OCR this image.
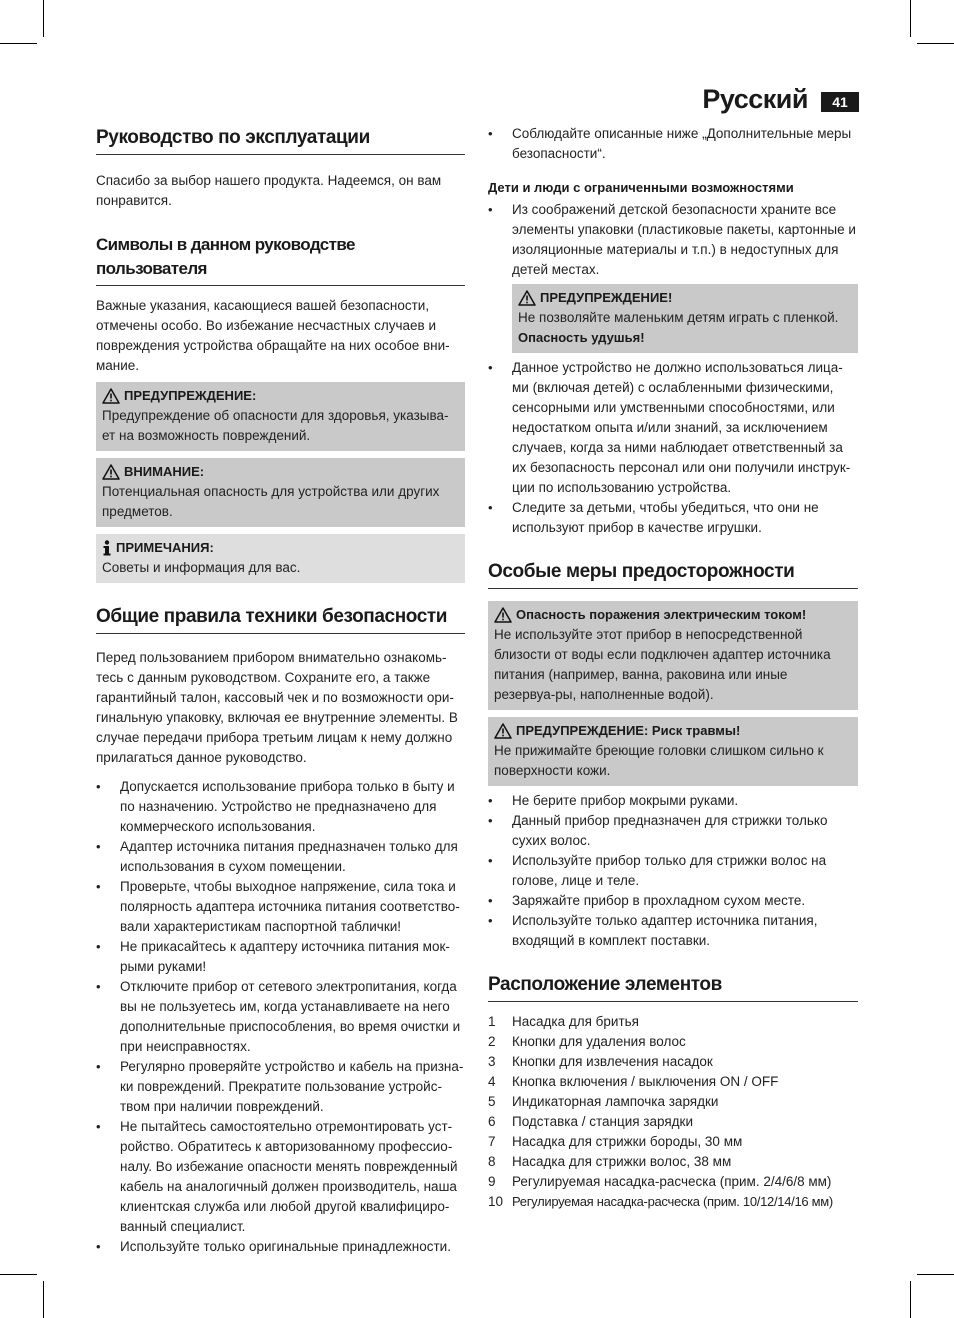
Русский	41
Руководство по эксплуатации

Спасибо за выбор нашего продукта. Надеемся, он вам понравится.

Символы в данном руководстве пользователя

Важные указания, касающиеся вашей безопасности, отмечены особо. Во избежание несчастных случаев и повреждения устройства обращайте на них особое вни-мание.

ПРЕДУПРЕЖДЕНИЕ:
Предупреждение об опасности для здоровья, указыва-ет на возможность повреждений.
ВНИМАНИЕ:
Потенциальная опасность для устройства или других предметов.
ПРИМЕЧАНИЯ:
Советы и информация для вас.
Общие правила техники безопасности

Перед пользованием прибором внимательно ознакомь-тесь с данным руководством. Сохраните его, а также гарантийный талон, кассовый чек и по возможности ори-гинальную упаковку, включая ее внутренние элементы. В случае передачи прибора третьим лицам к нему должно прилагаться данное руководство.

• Допускается использование прибора только в быту и по назначению. Устройство не предназначено для коммерческого использования.
• Адаптер источника питания предназначен только для использования в сухом помещении.
• Проверьте, чтобы выходное напряжение, сила тока и полярность адаптера источника питания соответство-вали характеристикам паспортной таблички!
• Не прикасайтесь к адаптеру источника питания мок-рыми руками!
• Отключите прибор от сетевого электропитания, когда вы не пользуетесь им, когда устанавливаете на него дополнительные приспособления, во время очистки и при неисправностях.
• Регулярно проверяйте устройство и кабель на призна-ки повреждений. Прекратите пользование устройс-твом при наличии повреждений.
• Не пытайтесь самостоятельно отремонтировать уст-ройство. Обратитесь к авторизованному профессио-налу. Во избежание опасности менять поврежденный кабель на аналогичный должен производитель, наша клиентская служба или любой другой квалифициро-ванный специалист.
• Используйте только оригинальные принадлежности.
• Соблюдайте описанные ниже „Дополнительные меры безопасности“.
Дети и люди с ограниченными возможностями
• Из соображений детской безопасности храните все элементы упаковки (пластиковые пакеты, картонные и изоляционные материалы и т.п.) в недоступных для детей местах.
ПРЕДУПРЕЖДЕНИЕ!
Не позволяйте маленьким детям играть с пленкой.
Опасность удушья!
• Данное устройство не должно использоваться лица-ми (включая детей) с ослабленными физическими, сенсорными или умственными способностями, или недостатком опыта и/или знаний, за исключением случаев, когда за ними наблюдает ответственный за их безопасность персонал или они получили инструк-ции по использованию устройства.
• Следите за детьми, чтобы убедиться, что они не используют прибор в качестве игрушки.
Особые меры предосторожности
Опасность поражения электрическим током!
Не используйте этот прибор в непосредственной близости от воды если подключен адаптер источника питания (например, ванна, раковина или иные резервуа-ры, наполненные водой).
ПРЕДУПРЕЖДЕНИЕ: Риск травмы!
Не прижимайте бреющие головки слишком сильно к поверхности кожи.
• Не берите прибор мокрыми руками.
• Данный прибор предназначен для стрижки только сухих волос.
• Используйте прибор только для стрижки волос на голове, лице и теле.
• Заряжайте прибор в прохладном сухом месте.
• Используйте только адаптер источника питания, входящий в комплект поставки.
Расположение элементов
1	Насадка для бритья
2	Кнопки для удаления волос
3	Кнопки для извлечения насадок
4	Кнопка включения / выключения ON / OFF
5	Индикаторная лампочка зарядки
6	Подставка / станция зарядки
7	Насадка для стрижки бороды, 30 мм
8	Насадка для стрижки волос, 38 мм
9	Регулируемая насадка-расческа (прим. 2/4/6/8 мм)
10 Регулируемая насадка-расческа (прим. 10/12/14/16 мм)
